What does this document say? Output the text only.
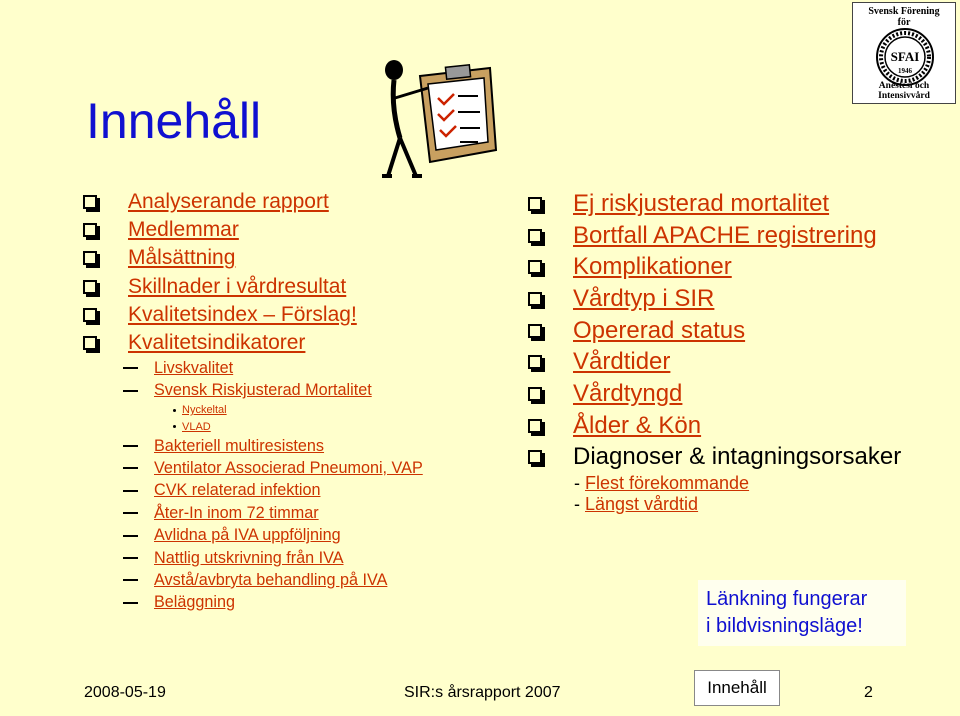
Innehåll
Svensk Förening
för
SFAI
1946
Anestesi och Intensivvård
Analyserande rapport
Medlemmar
Målsättning
Skillnader i vårdresultat
Kvalitetsindex – Förslag!
Kvalitetsindikatorer
Livskvalitet
Svensk Riskjusterad Mortalitet
Nyckeltal
VLAD
Bakteriell multiresistens
Ventilator Associerad Pneumoni, VAP
CVK relaterad infektion
Åter-In inom 72 timmar
Avlidna på IVA uppföljning
Nattlig utskrivning från IVA
Avstå/avbryta behandling på IVA
Beläggning
Ej riskjusterad mortalitet
Bortfall APACHE registrering
Komplikationer
Vårdtyp i SIR
Opererad status
Vårdtider
Vårdtyngd
Ålder & Kön
Diagnoser & intagningsorsaker
- Flest förekommande
- Längst vårdtid
Länkning fungerar
i bildvisningsläge!
2008-05-19	SIR:s årsrapport 2007	Innehåll	2
